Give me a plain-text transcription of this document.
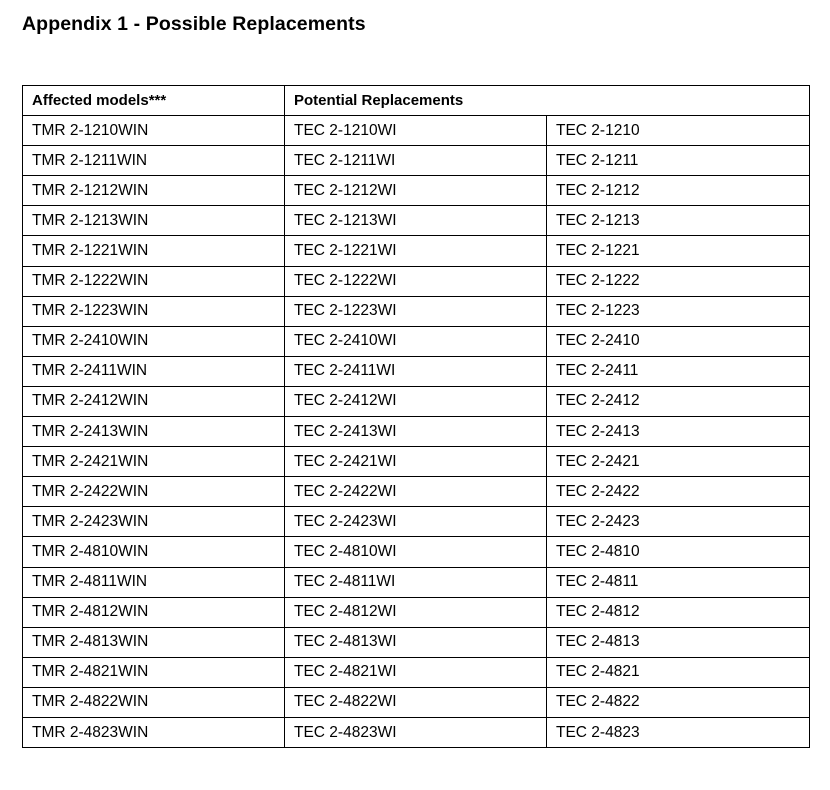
Appendix 1 - Possible Replacements
Affected models***	Potential Replacements	
TMR 2-1210WIN	TEC 2-1210WI	TEC 2-1210
TMR 2-1211WIN	TEC 2-1211WI	TEC 2-1211
TMR 2-1212WIN	TEC 2-1212WI	TEC 2-1212
TMR 2-1213WIN	TEC 2-1213WI	TEC 2-1213
TMR 2-1221WIN	TEC 2-1221WI	TEC 2-1221
TMR 2-1222WIN	TEC 2-1222WI	TEC 2-1222
TMR 2-1223WIN	TEC 2-1223WI	TEC 2-1223
TMR 2-2410WIN	TEC 2-2410WI	TEC 2-2410
TMR 2-2411WIN	TEC 2-2411WI	TEC 2-2411
TMR 2-2412WIN	TEC 2-2412WI	TEC 2-2412
TMR 2-2413WIN	TEC 2-2413WI	TEC 2-2413
TMR 2-2421WIN	TEC 2-2421WI	TEC 2-2421
TMR 2-2422WIN	TEC 2-2422WI	TEC 2-2422
TMR 2-2423WIN	TEC 2-2423WI	TEC 2-2423
TMR 2-4810WIN	TEC 2-4810WI	TEC 2-4810
TMR 2-4811WIN	TEC 2-4811WI	TEC 2-4811
TMR 2-4812WIN	TEC 2-4812WI	TEC 2-4812
TMR 2-4813WIN	TEC 2-4813WI	TEC 2-4813
TMR 2-4821WIN	TEC 2-4821WI	TEC 2-4821
TMR 2-4822WIN	TEC 2-4822WI	TEC 2-4822
TMR 2-4823WIN	TEC 2-4823WI	TEC 2-4823
